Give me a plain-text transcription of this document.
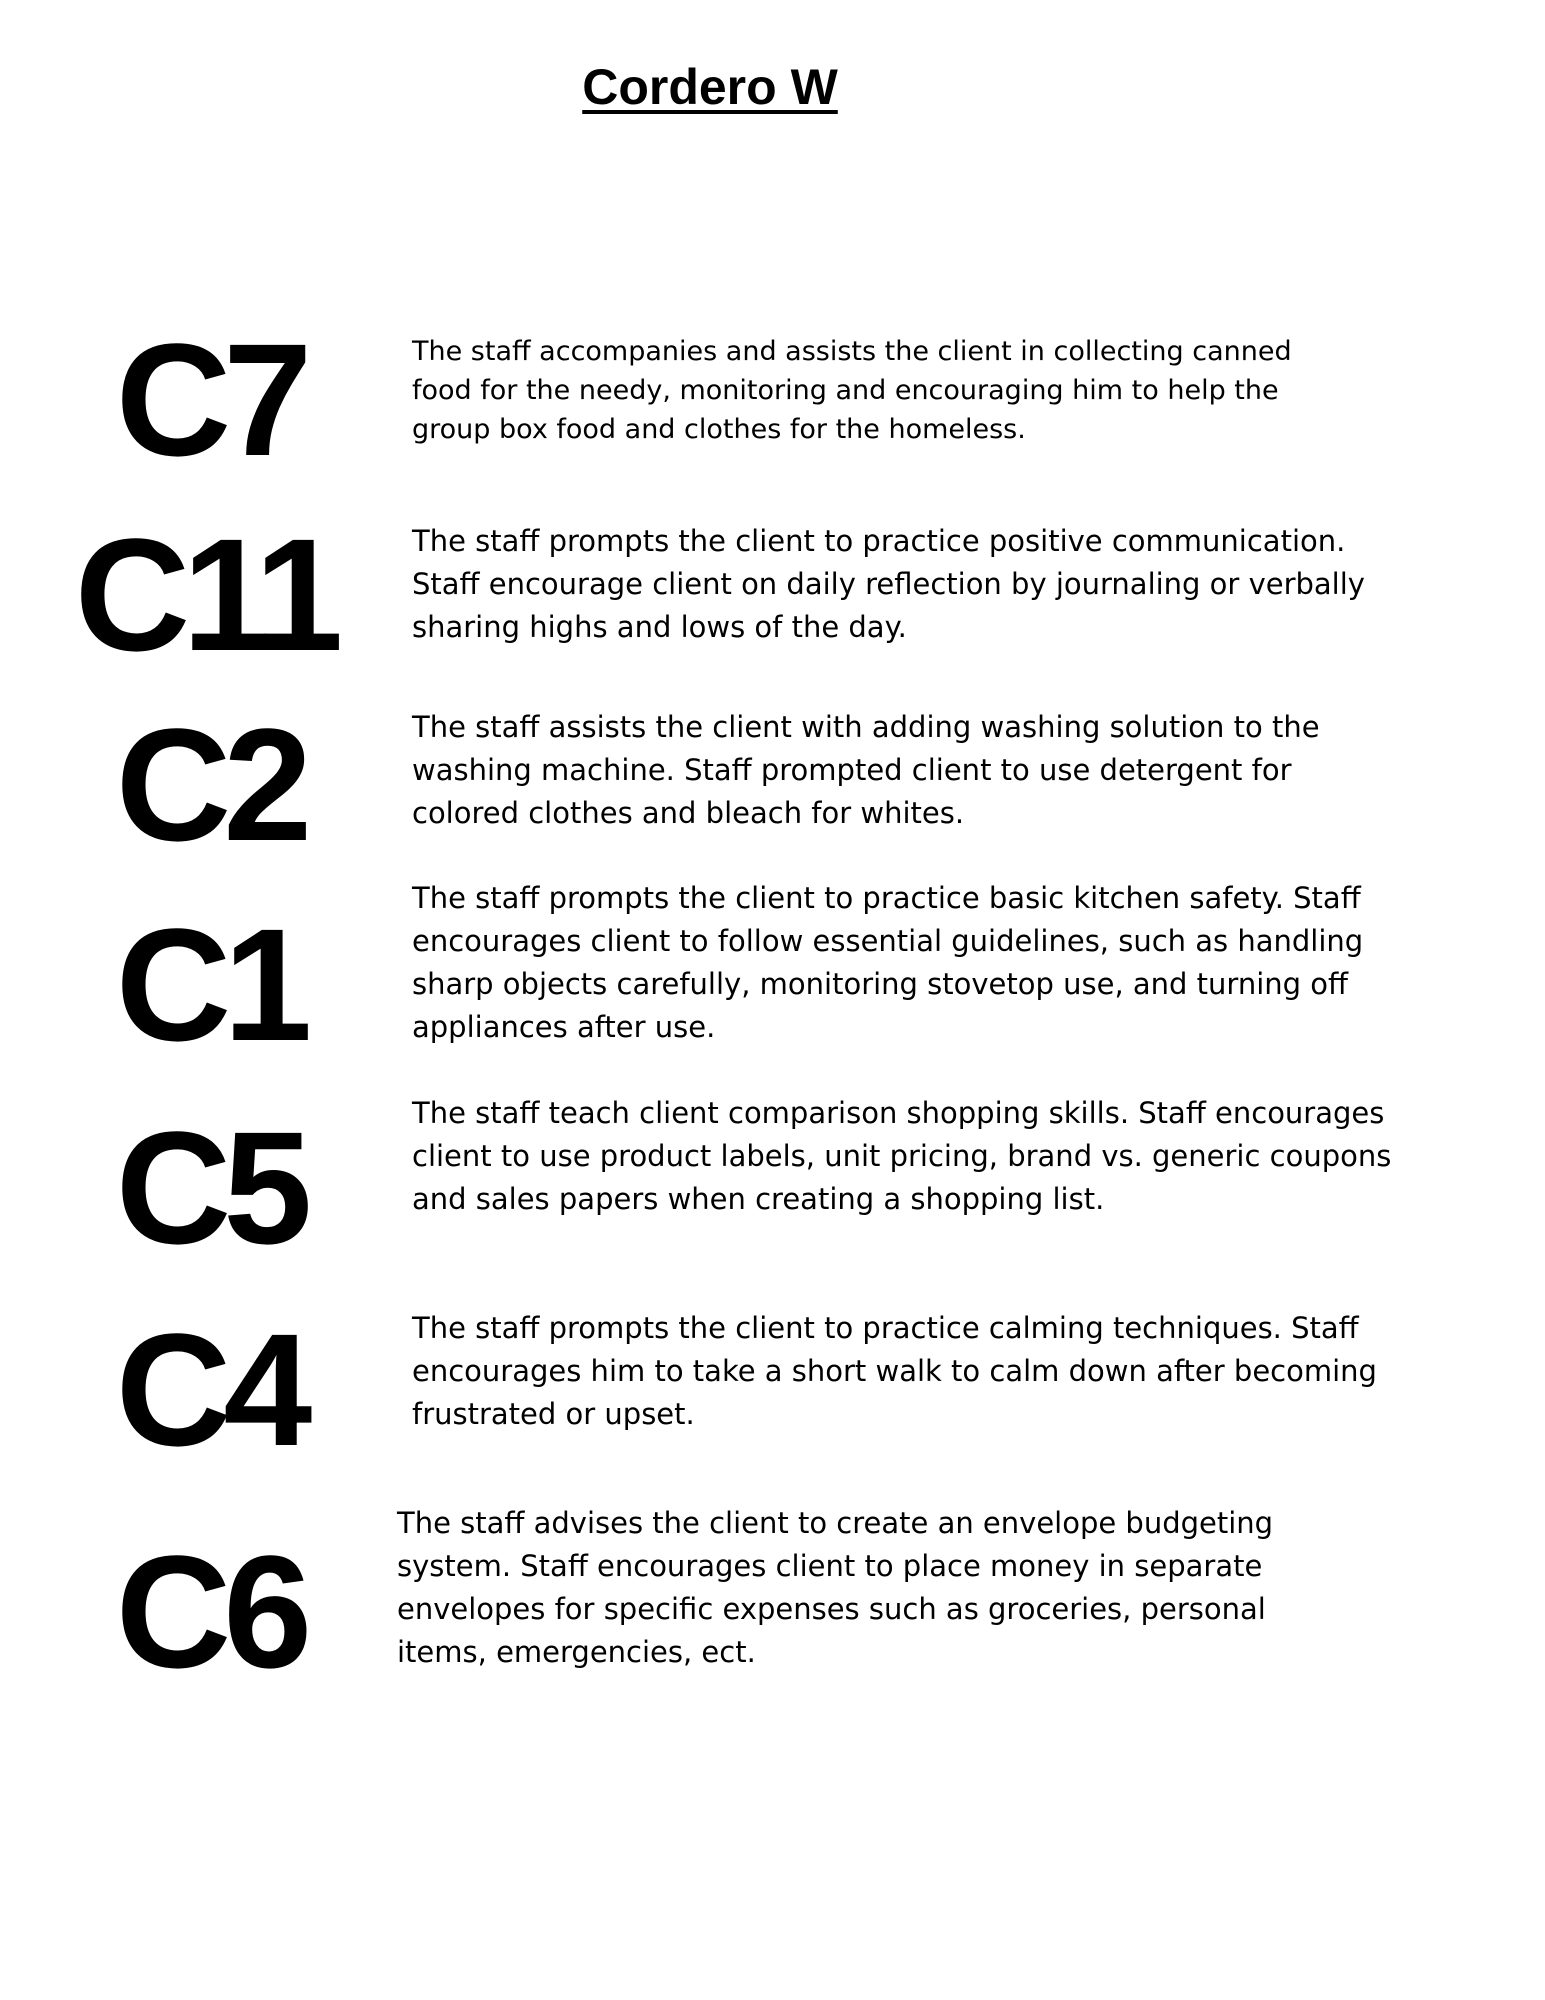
Cordero W
C7	The staff accompanies and assists the client in collecting canned food for the needy, monitoring and encouraging him to help the group box food and clothes for the homeless.

C11	The staff prompts the client to practice positive communication. Staff encourage client on daily reflection by journaling or verbally sharing highs and lows of the day.

C2	The staff assists the client with adding washing solution to the washing machine. Staff prompted client to use detergent for colored clothes and bleach for whites.

C1	The staff prompts the client to practice basic kitchen safety. Staff encourages client to follow essential guidelines, such as handling sharp objects carefully, monitoring stovetop use, and turning off appliances after use.

C5	The staff teach client comparison shopping skills. Staff encourages client to use product labels, unit pricing, brand vs. generic coupons and sales papers when creating a shopping list.

C4	The staff prompts the client to practice calming techniques. Staff encourages him to take a short walk to calm down after becoming frustrated or upset.

C6	The staff advises the client to create an envelope budgeting system. Staff encourages client to place money in separate envelopes for specific expenses such as groceries, personal items, emergencies, ect.
